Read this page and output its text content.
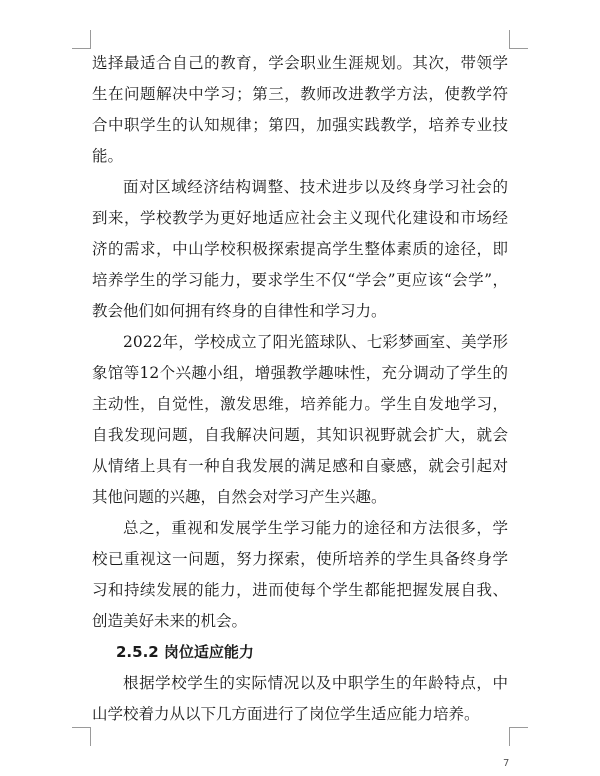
选择最适合自己的教育，学会职业生涯规划。其次，带领学生在问题解决中学习；第三，教师改进教学方法，使教学符合中职学生的认知规律；第四，加强实践教学，培养专业技能。

面对区域经济结构调整、技术进步以及终身学习社会的到来，学校教学为更好地适应社会主义现代化建设和市场经济的需求，中山学校积极探索提高学生整体素质的途径，即培养学生的学习能力，要求学生不仅“学会”更应该“会学”，教会他们如何拥有终身的自律性和学习力。

2022年，学校成立了阳光篮球队、七彩梦画室、美学形象馆等12个兴趣小组，增强教学趣味性，充分调动了学生的主动性，自觉性，激发思维，培养能力。学生自发地学习，自我发现问题，自我解决问题，其知识视野就会扩大，就会从情绪上具有一种自我发展的满足感和自豪感，就会引起对其他问题的兴趣，自然会对学习产生兴趣。

总之，重视和发展学生学习能力的途径和方法很多，学校已重视这一问题，努力探索，使所培养的学生具备终身学习和持续发展的能力，进而使每个学生都能把握发展自我、创造美好未来的机会。

2.5.2 岗位适应能力

根据学校学生的实际情况以及中职学生的年龄特点，中山学校着力从以下几方面进行了岗位学生适应能力培养。

7
